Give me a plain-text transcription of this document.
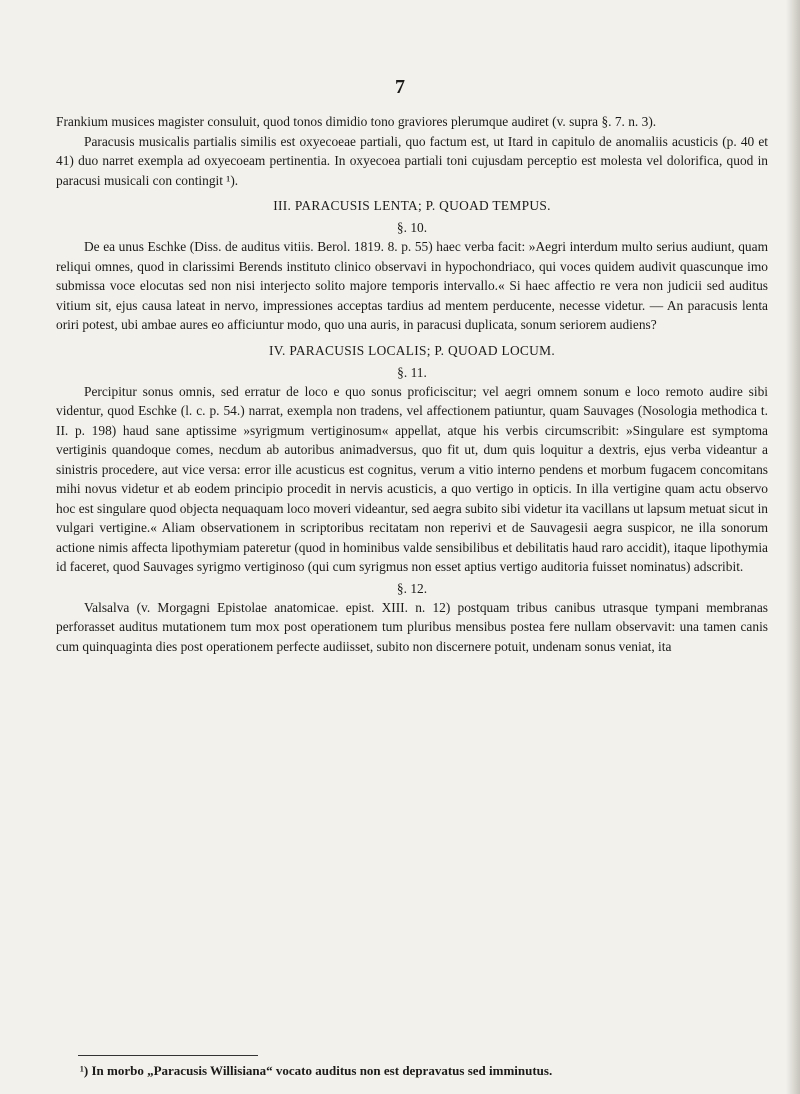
7

Frankium musices magister consuluit, quod tonos dimidio tono graviores plerumque audiret (v. supra §. 7. n. 3).

Paracusis musicalis partialis similis est oxyecoeae partiali, quo factum est, ut Itard in capitulo de anomaliis acusticis (p. 40 et 41) duo narret exempla ad oxyecoeam pertinentia. In oxyecoea partiali toni cujusdam perceptio est molesta vel dolorifica, quod in paracusi musicali con contingit ¹).

III. PARACUSIS LENTA; P. QUOAD TEMPUS.
§. 10.

De ea unus Eschke (Diss. de auditus vitiis. Berol. 1819. 8. p. 55) haec verba facit: »Aegri interdum multo serius audiunt, quam reliqui omnes, quod in clarissimi Berends instituto clinico observavi in hypochondriaco, qui voces quidem audivit quascunque imo submissa voce elocutas sed non nisi interjecto solito majore temporis intervallo.« Si haec affectio re vera non judicii sed auditus vitium sit, ejus causa lateat in nervo, impressiones acceptas tardius ad mentem perducente, necesse videtur. — An paracusis lenta oriri potest, ubi ambae aures eo afficiuntur modo, quo una auris, in paracusi duplicata, sonum seriorem audiens?

IV. PARACUSIS LOCALIS; P. QUOAD LOCUM.
§. 11.

Percipitur sonus omnis, sed erratur de loco e quo sonus proficiscitur; vel aegri omnem sonum e loco remoto audire sibi videntur, quod Eschke (l. c. p. 54.) narrat, exempla non tradens, vel affectionem patiuntur, quam Sauvages (Nosologia methodica t. II. p. 198) haud sane aptissime »syrigmum vertiginosum« appellat, atque his verbis circumscribit: »Singulare est symptoma vertiginis quandoque comes, necdum ab autoribus animadversus, quo fit ut, dum quis loquitur a dextris, ejus verba videantur a sinistris procedere, aut vice versa: error ille acusticus est cognitus, verum a vitio interno pendens et morbum fugacem concomitans mihi novus videtur et ab eodem principio procedit in nervis acusticis, a quo vertigo in opticis. In illa vertigine quam actu observo hoc est singulare quod objecta nequaquam loco moveri videantur, sed aegra subito sibi videtur ita vacillans ut lapsum metuat sicut in vulgari vertigine.« Aliam observationem in scriptoribus recitatam non reperivi et de Sauvagesii aegra suspicor, ne illa sonorum actione nimis affecta lipothymiam pateretur (quod in hominibus valde sensibilibus et debilitatis haud raro accidit), itaque lipothymia id faceret, quod Sauvages syrigmo vertiginoso (qui cum syrigmus non esset aptius vertigo auditoria fuisset nominatus) adscribit.

§. 12.

Valsalva (v. Morgagni Epistolae anatomicae. epist. XIII. n. 12) postquam tribus canibus utrasque tympani membranas perforasset auditus mutationem tum mox post operationem tum pluribus mensibus postea fere nullam observavit: una tamen canis cum quinquaginta dies post operationem perfecte audiisset, subito non discernere potuit, undenam sonus veniat, ita

¹) In morbo „Paracusis Willisiana“ vocato auditus non est depravatus sed imminutus.
